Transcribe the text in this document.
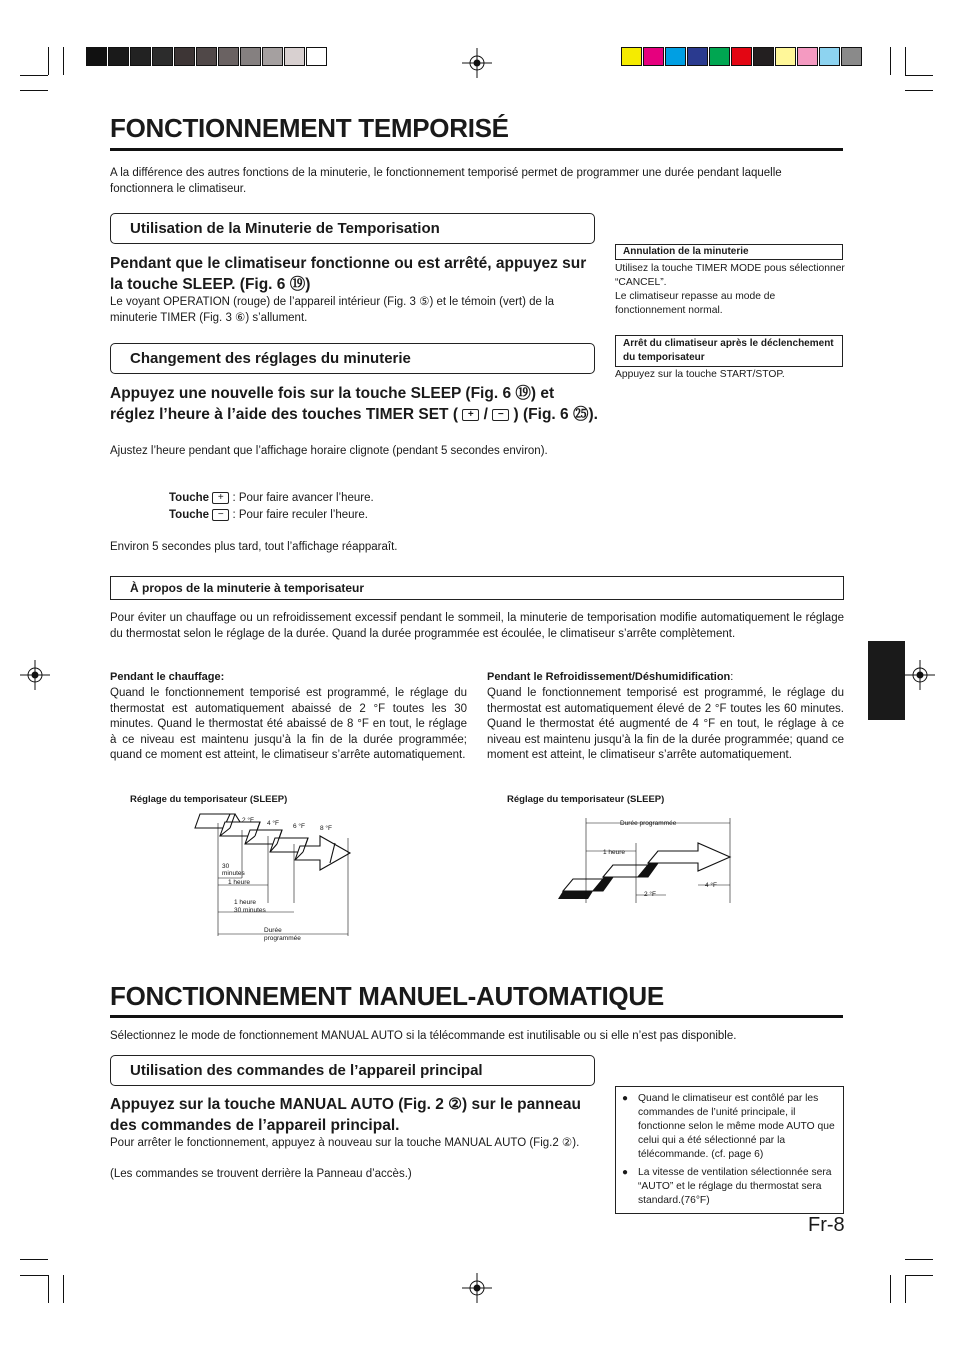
FONCTIONNEMENT TEMPORISÉ
A la différence des autres fonctions de la minuterie, le fonctionnement temporisé permet de programmer une durée pendant laquelle fonctionnera le climatiseur.
Utilisation de la Minuterie de Temporisation
Pendant que le climatiseur fonctionne ou est arrêté, appuyez sur la touche SLEEP. (Fig. 6 ⑲)
Le voyant OPERATION (rouge) de l’appareil intérieur (Fig. 3 ⑤) et le témoin (vert) de la minuterie TIMER (Fig. 3 ⑥) s’allument.
Changement des réglages du minuterie
Appuyez une nouvelle fois sur la touche SLEEP (Fig. 6 ⑲) et réglez l’heure à l’aide des touches TIMER SET ( + / − ) (Fig. 6 ㉕).
Ajustez l’heure pendant que l’affichage horaire clignote (pendant 5 secondes environ).
Touche + : Pour faire avancer l’heure.
Touche − : Pour faire reculer l’heure.
Environ 5 secondes plus tard, tout l’affichage réapparaît.
Annulation de la minuterie
Utilisez la touche TIMER MODE pous sélectionner “CANCEL”.
Le climatiseur repasse au mode de fonctionnement normal.
Arrêt du climatiseur après le déclenchement du temporisateur
Appuyez sur la touche START/STOP.
À propos de la minuterie à temporisateur
Pour éviter un chauffage ou un refroidissement excessif pendant le sommeil, la minuterie de temporisation modifie automatiquement le réglage du thermostat selon le réglage de la durée. Quand la durée programmée est écoulée, le climatiseur s’arrête complètement.
Pendant le chauffage:
Quand le fonctionnement temporisé est programmé, le réglage du thermostat est automatiquement abaissé de 2 °F toutes les 30 minutes. Quand le thermostat été abaissé de 8 °F en tout, le réglage à ce niveau est maintenu jusqu’à la fin de la durée programmée; quand ce moment est atteint, le climatiseur s’arrête automatiquement.
Pendant le Refroidissement/Déshumidification:
Quand le fonctionnement temporisé est programmé, le réglage du thermostat est automatiquement élevé de 2 °F toutes les 60 minutes. Quand le thermostat été augmenté de 4 °F en tout, le réglage à ce niveau est maintenu jusqu’à la fin de la durée programmée; quand ce moment est atteint, le climatiseur s’arrête automatiquement.
Réglage du temporisateur (SLEEP)	Réglage du temporisateur (SLEEP)
2 °F 4 °F 6 °F 8 °F
30
minutes
1 heure
1 heure
30 minutes
Durée
programmée
Durée programmée
1 heure
2 °F
4 °F
FONCTIONNEMENT MANUEL-AUTOMATIQUE
Sélectionnez le mode de fonctionnement MANUAL AUTO si la télécommande est inutilisable ou si elle n’est pas disponible.
Utilisation des commandes de l’appareil principal
Appuyez sur la touche MANUAL AUTO (Fig. 2 ②) sur le panneau des commandes de l’appareil principal.
Pour arrêter le fonctionnement, appuyez à nouveau sur la touche MANUAL AUTO (Fig.2 ②).
(Les commandes se trouvent derrière la Panneau d’accès.)
● Quand le climatiseur est contôlé par les commandes de l’unité principale, il fonctionne selon le même mode AUTO que celui qui a été sélectionné par la télécommande. (cf. page 6)
● La vitesse de ventilation sélectionnée sera “AUTO” et le réglage du thermostat sera standard.(76°F)
Fr-8
